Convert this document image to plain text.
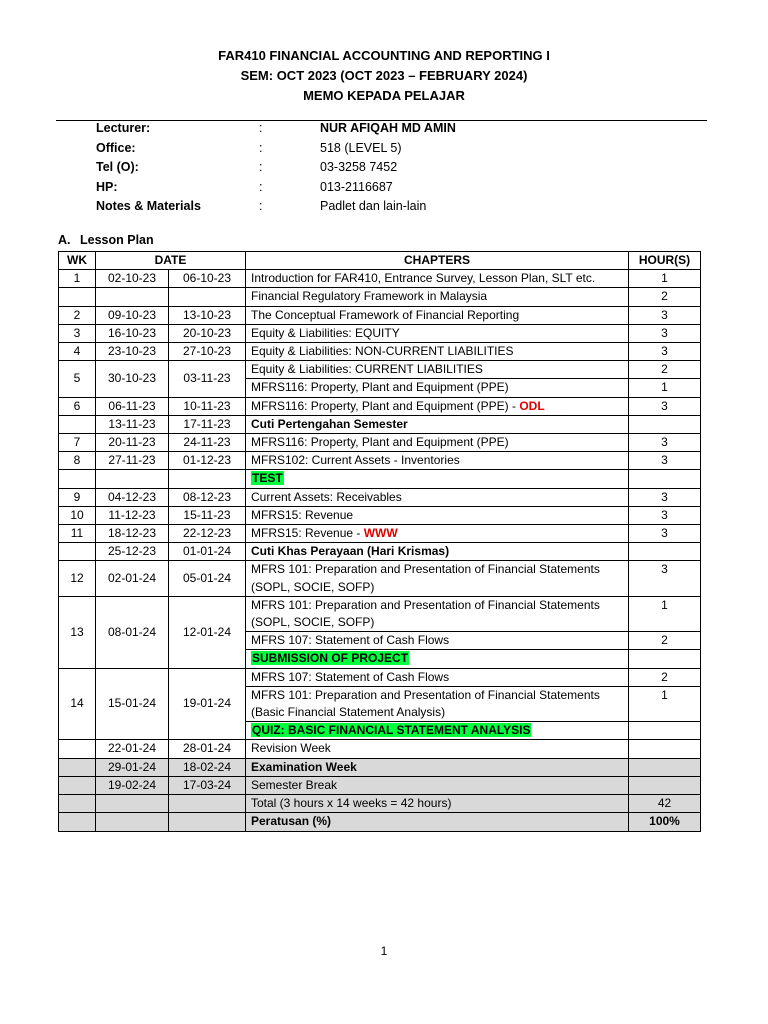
FAR410 FINANCIAL ACCOUNTING AND REPORTING I
SEM: OCT 2023 (OCT 2023 – FEBRUARY 2024)
MEMO KEPADA PELAJAR
Lecturer:	:	NUR AFIQAH MD AMIN
Office:	:	518 (LEVEL 5)
Tel (O):	:	03-3258 7452
HP:	:	013-2116687
Notes & Materials	:	Padlet dan lain-lain
A. Lesson Plan
WK	DATE		CHAPTERS	HOUR(S)
1	02-10-23	06-10-23	Introduction for FAR410, Entrance Survey, Lesson Plan, SLT etc.	1
			Financial Regulatory Framework in Malaysia	2
2	09-10-23	13-10-23	The Conceptual Framework of Financial Reporting	3
3	16-10-23	20-10-23	Equity & Liabilities: EQUITY	3
4	23-10-23	27-10-23	Equity & Liabilities: NON-CURRENT LIABILITIES	3
5	30-10-23	03-11-23	Equity & Liabilities: CURRENT LIABILITIES	2
			MFRS116: Property, Plant and Equipment (PPE)	1
6	06-11-23	10-11-23	MFRS116: Property, Plant and Equipment (PPE) - ODL	3
	13-11-23	17-11-23	Cuti Pertengahan Semester	
7	20-11-23	24-11-23	MFRS116: Property, Plant and Equipment (PPE)	3
8	27-11-23	01-12-23	MFRS102: Current Assets - Inventories	3
			TEST	
9	04-12-23	08-12-23	Current Assets: Receivables	3
10	11-12-23	15-11-23	MFRS15: Revenue	3
11	18-12-23	22-12-23	MFRS15: Revenue - WWW	3
	25-12-23	01-01-24	Cuti Khas Perayaan (Hari Krismas)	
12	02-01-24	05-01-24	MFRS 101: Preparation and Presentation of Financial Statements (SOPL, SOCIE, SOFP)	3
13	08-01-24	12-01-24	MFRS 101: Preparation and Presentation of Financial Statements (SOPL, SOCIE, SOFP)	1
			MFRS 107: Statement of Cash Flows	2
			SUBMISSION OF PROJECT	
14	15-01-24	19-01-24	MFRS 107: Statement of Cash Flows	2
			MFRS 101: Preparation and Presentation of Financial Statements (Basic Financial Statement Analysis)	1
			QUIZ: BASIC FINANCIAL STATEMENT ANALYSIS	
	22-01-24	28-01-24	Revision Week	
	29-01-24	18-02-24	Examination Week	
	19-02-24	17-03-24	Semester Break	
			Total (3 hours x 14 weeks = 42 hours)	42
			Peratusan (%)	100%
1
